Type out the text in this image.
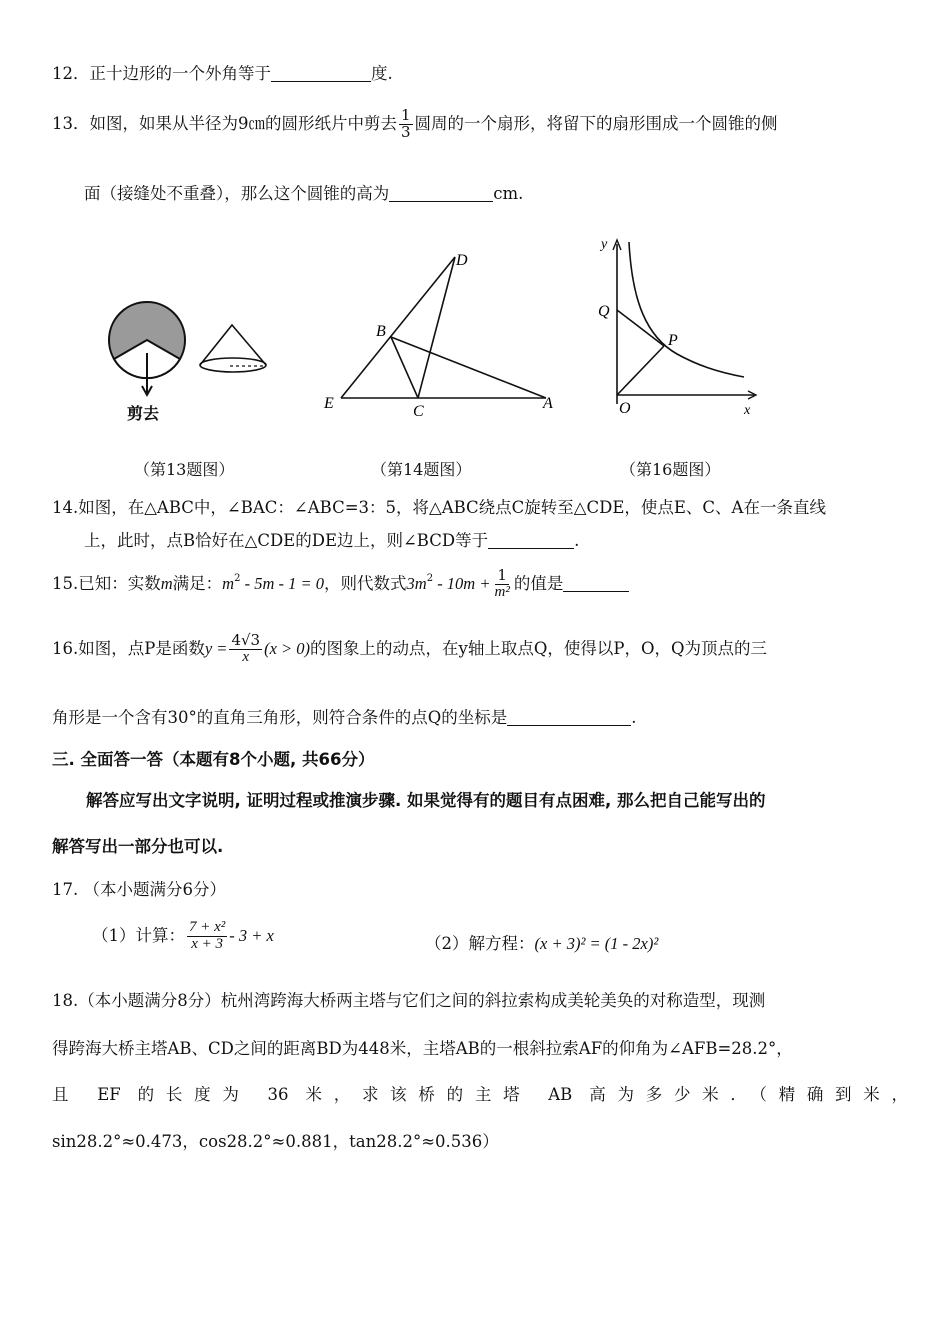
12．正十边形的一个外角等于	度.
13．如图，如果从半径为9㎝的圆形纸片中剪去 $\frac{1}{3}$ 圆周的一个扇形，将留下的扇形围成一个圆锥的侧
面（接缝处不重叠），那么这个圆锥的高为	cm.
剪去
D
B
E	C	A
y
Q
P
O	x
（第13题图）	（第14题图）	（第16题图）
14.如图，在△ABC中，∠BAC：∠ABC=3：5，将△ABC绕点C旋转至△CDE，使点E、C、A在一条直线
上，此时，点B恰好在△CDE的DE边上，则∠BCD等于	.
15.已知：实数m满足：$m^2 - 5m - 1 = 0$，则代数式$3m^2 - 10m + \frac{1}{\text{m²}}$ 的值是
16.如图，点P是函数$y = \frac{4√3}{x} (x > 0)$的图象上的动点，在y轴上取点Q，使得以P，O，Q为顶点的三
角形是一个含有30°的直角三角形，则符合条件的点Q的坐标是	.
三. 全面答一答（本题有8个小题, 共66分）
解答应写出文字说明, 证明过程或推演步骤. 如果觉得有的题目有点困难, 那么把自己能写出的
解答写出一部分也可以.
17. （本小题满分6分）
（1）计算： $\frac{\text{7 + x²}}{x + 3} - 3 + x$	（2）解方程：(x + 3)² = (1 - 2x)²
18.（本小题满分8分）杭州湾跨海大桥两主塔与它们之间的斜拉索构成美轮美奂的对称造型，现测
得跨海大桥主塔AB、CD之间的距离BD为448米，主塔AB的一根斜拉索AF的仰角为∠AFB=28.2°，
且 EF 的长度为 36 米，求该桥的主塔 AB 高为多少米．（精确到米，
sin28.2°≈0.473，cos28.2°≈0.881，tan28.2°≈0.536）
